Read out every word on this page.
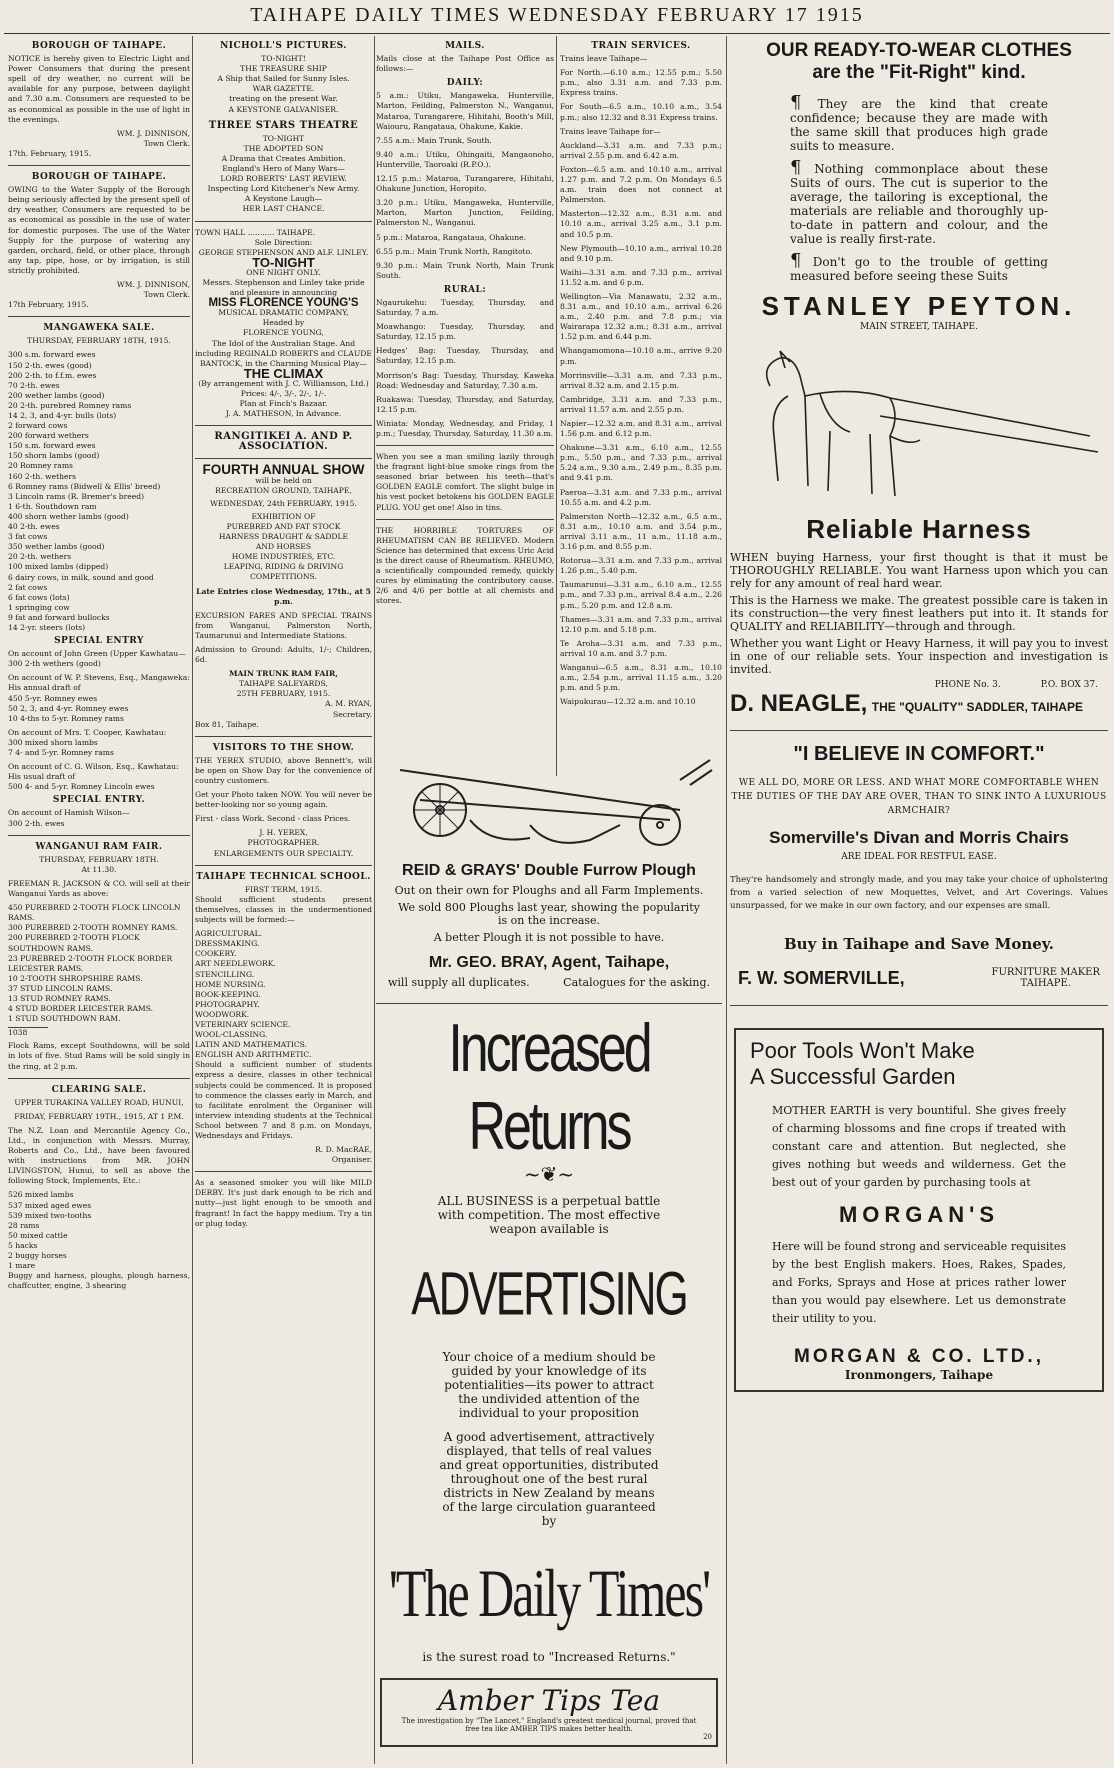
TAIHAPE DAILY TIMES WEDNESDAY FEBRUARY 17 1915
BOROUGH OF TAIHAPE.
NOTICE is hereby given to Electric Light and Power Consumers that during the present spell of dry weather, no current will be available for any purpose, between daylight and 7.30 a.m. Consumers are requested to be as economical as possible in the use of light in the evenings.
WM. J. DINNISON,
Town Clerk.
17th. February, 1915.
BOROUGH OF TAIHAPE.
OWING to the Water Supply of the Borough being seriously affected by the present spell of dry weather, Consumers are requested to be as economical as possible in the use of water for domestic purposes. The use of the Water Supply for the purpose of watering any garden, orchard, field, or other place, through any tap, pipe, hose, or by irrigation, is still strictly prohibited.
WM. J. DINNISON,
Town Clerk.
17th February, 1915.
MANGAWEKA SALE.
THURSDAY, FEBRUARY 18TH, 1915.
300 s.m. forward ewes
150 2-th. ewes (good)
200 2-th. to f.f.m. ewes
70 2-th. ewes
200 wether lambs (good)
20 2-th. purebred Romney rams
14 2, 3, and 4-yr. bulls (lots)
2 forward cows
200 forward wethers
150 s.m. forward ewes
150 shorn lambs (good)
20 Romney rams
160 2-th. wethers
6 Romney rams (Bidwell & Ellis' breed)
3 Lincoln rams (R. Bremer's breed)
1 6-th. Southdown ram
400 shorn wether lambs (good)
40 2-th. ewes
3 fat cows
350 wether lambs (good)
20 2-th. wethers
100 mixed lambs (dipped)
6 dairy cows, in milk, sound and good
2 fat cows
6 fat cows (lots)
1 springing cow
9 fat and forward bullocks
14 2-yr. steers (lots)
SPECIAL ENTRY
On account of John Green (Upper Kawhatau—
300 2-th wethers (good)
On account of W. P. Stevens, Esq., Mangaweka:
His annual draft of
450 5-yr. Romney ewes
50 2, 3, and 4-yr. Romney ewes
10 4-ths to 5-yr. Romney rams
On account of Mrs. T. Cooper, Kawhatau:
300 mixed shorn lambs
7 4- and 5-yr. Romney rams
On account of C. G. Wilson, Esq., Kawhatau:
His usual draft of
500 4- and 5-yr. Romney Lincoln ewes
SPECIAL ENTRY.
On account of Hamish Wilson—
300 2-th. ewes
WANGANUI RAM FAIR.
THURSDAY, FEBRUARY 18TH.
At 11.30.
FREEMAN R. JACKSON & CO. will sell at their Wanganui Yards as above:
450 PUREBRED 2-TOOTH FLOCK LINCOLN RAMS.
300 PUREBRED 2-TOOTH ROMNEY RAMS.
200 PUREBRED 2-TOOTH FLOCK SOUTHDOWN RAMS.
23 PUREBRED 2-TOOTH FLOCK BORDER LEICESTER RAMS.
10 2-TOOTH SHROPSHIRE RAMS.
37 STUD LINCOLN RAMS.
13 STUD ROMNEY RAMS.
4 STUD BORDER LEICESTER RAMS.
1 STUD SOUTHDOWN RAM.
1038
Flock Rams, except Southdowns, will be sold in lots of five. Stud Rams will be sold singly in the ring, at 2 p.m.
CLEARING SALE.
UPPER TURAKINA VALLEY ROAD, HUNUI,
FRIDAY, FEBRUARY 19TH., 1915, AT 1 P.M.
The N.Z. Loan and Mercantile Agency Co., Ltd., in conjunction with Messrs. Murray, Roberts and Co., Ltd., have been favoured with instructions from MR. JOHN LIVINGSTON, Hunui, to sell as above the following Stock, Implements, Etc.:
526 mixed lambs
537 mixed aged ewes
539 mixed two-tooths
28 rams
50 mixed cattle
5 hacks
2 buggy horses
1 mare
Buggy and harness, ploughs, plough harness, chaffcutter, engine, 3 shearing
NICHOLL'S PICTURES.
TO-NIGHT!
THE TREASURE SHIP
A Ship that Sailed for Sunny Isles.
WAR GAZETTE.
treating on the present War.
A KEYSTONE GALVANISER.
THREE STARS THEATRE
TO-NIGHT
THE ADOPTED SON
A Drama that Creates Ambition.
England's Hero of Many Wars—
LORD ROBERTS' LAST REVIEW.
Inspecting Lord Kitchener's New Army.
A Keystone Laugh—
HER LAST CHANCE.
TOWN HALL ........... TAIHAPE.
Sole Direction:
GEORGE STEPHENSON AND ALF. LINLEY.
TO-NIGHT
ONE NIGHT ONLY.
Messrs. Stephenson and Linley take pride and pleasure in announcing
MISS FLORENCE YOUNG'S
MUSICAL DRAMATIC COMPANY,
Headed by
FLORENCE YOUNG,
The Idol of the Australian Stage. And including REGINALD ROBERTS and CLAUDE BANTOCK, in the Charming Musical Play—
THE CLIMAX
(By arrangement with J. C. Williamson, Ltd.)
Prices: 4/-, 3/-, 2/-, 1/-.
Plan at Finch's Bazaar.
J. A. MATHESON, In Advance.
RANGITIKEI A. AND P. ASSOCIATION.
FOURTH ANNUAL SHOW
will be held on
RECREATION GROUND, TAIHAPE,
WEDNESDAY, 24th FEBRUARY, 1915.
EXHIBITION OF
PUREBRED AND FAT STOCK
HARNESS DRAUGHT & SADDLE
AND HORSES
HOME INDUSTRIES, ETC.
LEAPING, RIDING & DRIVING COMPETITIONS.
Late Entries close Wednesday, 17th., at 5 p.m.
EXCURSION FARES AND SPECIAL TRAINS from Wanganui, Palmerston North, Taumarunui and Intermediate Stations.
Admission to Ground: Adults, 1/-; Children, 6d.
MAIN TRUNK RAM FAIR,
TAIHAPE SALEYARDS,
25TH FEBRUARY, 1915.
A. M. RYAN,
Secretary.
Box 81, Taihape.
VISITORS TO THE SHOW.
THE YEREX STUDIO, above Bennett's, will be open on Show Day for the convenience of country customers.
Get your Photo taken NOW. You will never be better-looking nor so young again.
First - class Work. Second - class Prices.
J. H. YEREX,
PHOTOGRAPHER.
ENLARGEMENTS OUR SPECIALTY.
TAIHAPE TECHNICAL SCHOOL.
FIRST TERM, 1915.
Should sufficient students present themselves, classes in the undermentioned subjects will be formed:—
AGRICULTURAL.
DRESSMAKING.
COOKERY.
ART NEEDLEWORK.
STENCILLING.
HOME NURSING.
BOOK-KEEPING.
PHOTOGRAPHY.
WOODWORK.
VETERINARY SCIENCE.
WOOL-CLASSING.
LATIN AND MATHEMATICS.
ENGLISH AND ARITHMETIC.
Should a sufficient number of students express a desire, classes in other technical subjects could be commenced. It is proposed to commence the classes early in March, and to facilitate enrolment the Organiser will interview intending students at the Technical School between 7 and 8 p.m. on Mondays, Wednesdays and Fridays.
R. D. MacRAE,
Organiser.
As a seasoned smoker you will like MILD DERBY. It's just dark enough to be rich and nutty—just light enough to be smooth and fragrant! In fact the happy medium. Try a tin or plug today.
MAILS.
Mails close at the Taihape Post Office as follows:—
DAILY:
5 a.m.: Utiku, Mangaweka, Hunterville, Marton, Feilding, Palmerston N., Wanganui, Mataroa, Turangarere, Hihitahi, Booth's Mill, Waiouru, Rangataua, Ohakune, Kakie.
7.55 a.m.: Main Trunk, South.
9.40 a.m.: Utiku, Ohingaiti, Mangaonoho, Hunterville, Taoroaki (R.P.O.).
12.15 p.m.: Mataroa, Turangarere, Hihitahi, Ohakune Junction, Horopito.
3.20 p.m.: Utiku, Mangaweka, Hunterville, Marton, Marton Junction, Feilding, Palmerston N., Wanganui.
5 p.m.: Mataroa, Rangataua, Ohakune.
6.55 p.m.: Main Trunk North, Rangitoto.
9.30 p.m.: Main Trunk North, Main Trunk South.
RURAL:
Ngaurukehu: Tuesday, Thursday, and Saturday, 7 a.m.
Moawhango: Tuesday, Thursday, and Saturday, 12.15 p.m.
Hedges' Bag: Tuesday, Thursday, and Saturday, 12.15 p.m.
Morrison's Bag: Tuesday, Thursday, Kaweka Road: Wednesday and Saturday, 7.30 a.m.
Ruakawa: Tuesday, Thursday, and Saturday, 12.15 p.m.
Winiata: Monday, Wednesday, and Friday, 1 p.m.; Tuesday, Thursday, Saturday, 11.30 a.m.
When you see a man smiling lazily through the fragrant light-blue smoke rings from the seasoned briar between his teeth—that's GOLDEN EAGLE comfort. The slight bulge in his vest pocket betokens his GOLDEN EAGLE PLUG. YOU get one! Also in tins.
THE HORRIBLE TORTURES OF RHEUMATISM CAN BE RELIEVED. Modern Science has determined that excess Uric Acid is the direct cause of Rheumatism. RHEUMO, a scientifically compounded remedy, quickly cures by eliminating the contributory cause. 2/6 and 4/6 per bottle at all chemists and stores.
TRAIN SERVICES.
Trains leave Taihape—
For North.—6.10 a.m.; 12.55 p.m.; 5.50 p.m., also 3.31 a.m. and 7.33 p.m. Express trains.
For South—6.5 a.m., 10.10 a.m., 3.54 p.m.; also 12.32 and 8.31 Express trains.
Trains leave Taihape for—
Auckland—3.31 a.m. and 7.33 p.m.; arrival 2.55 p.m. and 6.42 a.m.
Foxton—6.5 a.m. and 10.10 a.m., arrival 1.27 p.m. and 7.2 p.m. On Mondays 6.5 a.m. train does not connect at Palmerston.
Masterton—12.32 a.m., 8.31 a.m. and 10.10 a.m., arrival 3.25 a.m., 3.1 p.m. and 10.5 p.m.
New Plymouth—10.10 a.m., arrival 10.28 and 9.10 p.m.
Waihi—3.31 a.m. and 7.33 p.m., arrival 11.52 a.m. and 6 p.m.
Wellington—Via Manawatu, 2.32 a.m., 8.31 a.m., and 10.10 a.m., arrival 6.26 a.m., 2.40 p.m. and 7.8 p.m.; via Wairarapa 12.32 a.m.; 8.31 a.m., arrival 1.52 p.m. and 6.44 p.m.
Whangamomona—10.10 a.m., arrive 9.20 p.m.
Morrinsville—3.31 a.m. and 7.33 p.m., arrival 8.32 a.m. and 2.15 p.m.
Cambridge, 3.31 a.m. and 7.33 p.m., arrival 11.57 a.m. and 2.55 p.m.
Napier—12.32 a.m. and 8.31 a.m., arrival 1.56 p.m. and 6.12 p.m.
Ohakune—3.31 a.m., 6.10 a.m., 12.55 p.m., 5.50 p.m., and 7.33 p.m., arrival 5.24 a.m., 9.30 a.m., 2.49 p.m., 8.35 p.m. and 9.41 p.m.
Paeroa—3.31 a.m. and 7.33 p.m., arrival 10.55 a.m. and 4.2 p.m.
Palmerston North—12.32 a.m., 6.5 a.m., 8.31 a.m., 10.10 a.m. and 3.54 p.m., arrival 3.11 a.m., 11 a.m., 11.18 a.m., 3.16 p.m. and 8.55 p.m.
Rotorua—3.31 a.m. and 7.33 p.m., arrival 1.26 p.m., 5.40 p.m.
Taumarunui—3.31 a.m., 6.10 a.m., 12.55 p.m., and 7.33 p.m., arrival 8.4 a.m., 2.26 p.m., 5.20 p.m. and 12.8 a.m.
Thames—3.31 a.m. and 7.33 p.m., arrival 12.10 p.m. and 5.18 p.m.
Te Aroha—3.31 a.m. and 7.33 p.m., arrival 10 a.m. and 3.7 p.m.
Wanganui—6.5 a.m., 8.31 a.m., 10.10 a.m., 2.54 p.m., arrival 11.15 a.m., 3.20 p.m. and 5 p.m.
Waipukurau—12.32 a.m. and 10.10
REID & GRAYS' Double Furrow Plough
Out on their own for Ploughs and all Farm Implements.
We sold 800 Ploughs last year, showing the popularity is on the increase.
A better Plough it is not possible to have.
Mr. GEO. BRAY, Agent, Taihape,
will supply all duplicates.	Catalogues for the asking.
Increased Returns
~❦~
ALL BUSINESS is a perpetual battle with competition. The most effective weapon available is
ADVERTISING
Your choice of a medium should be guided by your knowledge of its potentialities—its power to attract the undivided attention of the individual to your proposition
A good advertisement, attractively displayed, that tells of real values and great opportunities, distributed throughout one of the best rural districts in New Zealand by means of the large circulation guaranteed by
'The Daily Times'
is the surest road to "Increased Returns."
Amber Tips Tea
The investigation by "The Lancet," England's greatest medical journal, proved that
free tea like AMBER TIPS makes better health.
20
OUR READY-TO-WEAR CLOTHES
are the "Fit-Right" kind.
¶ They are the kind that create confidence; because they are made with the same skill that produces high grade suits to measure.
¶ Nothing commonplace about these Suits of ours. The cut is superior to the average, the tailoring is exceptional, the materials are reliable and thoroughly up-to-date in pattern and colour, and the value is really first-rate.
¶ Don't go to the trouble of getting measured before seeing these Suits
STANLEY PEYTON.
MAIN STREET, TAIHAPE.
Reliable Harness
WHEN buying Harness, your first thought is that it must be THOROUGHLY RELIABLE. You want Harness upon which you can rely for any amount of real hard wear.
This is the Harness we make. The greatest possible care is taken in its construction—the very finest leathers put into it. It stands for QUALITY and RELIABILITY—through and through.
Whether you want Light or Heavy Harness, it will pay you to invest in one of our reliable sets. Your inspection and investigation is invited.
PHONE No. 3.	P.O. BOX 37.
D. NEAGLE, THE "QUALITY" SADDLER, TAIHAPE
"I BELIEVE IN COMFORT."
WE ALL DO, MORE OR LESS. AND WHAT MORE COMFORTABLE WHEN THE DUTIES OF THE DAY ARE OVER, THAN TO SINK INTO A LUXURIOUS ARMCHAIR?
Somerville's Divan and Morris Chairs
ARE IDEAL FOR RESTFUL EASE.
They're handsomely and strongly made, and you may take your choice of upholstering from a varied selection of new Moquettes, Velvet, and Art Coverings. Values unsurpassed, for we make in our own factory, and our expenses are small.
Buy in Taihape and Save Money.
F. W. SOMERVILLE,	FURNITURE MAKER
TAIHAPE.
Poor Tools Won't Make
A Successful Garden
MOTHER EARTH is very bountiful. She gives freely of charming blossoms and fine crops if treated with constant care and attention. But neglected, she gives nothing but weeds and wilderness. Get the best out of your garden by purchasing tools at
MORGAN'S
Here will be found strong and serviceable requisites by the best English makers. Hoes, Rakes, Spades, and Forks, Sprays and Hose at prices rather lower than you would pay elsewhere. Let us demonstrate their utility to you.
MORGAN & CO. LTD.,
Ironmongers, Taihape
